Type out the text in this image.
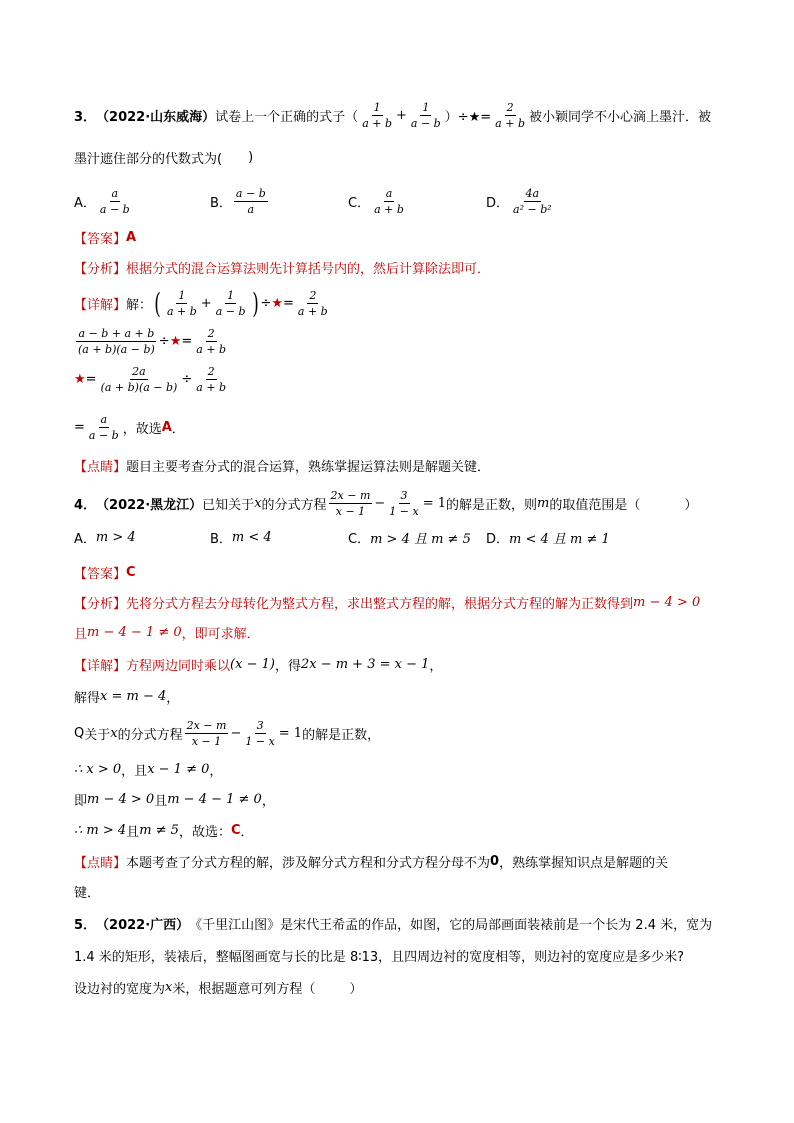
3． （2022·山东威海） 试卷上一个正确的式子（ $\frac{1}{a + b} + \frac{1}{a - b}$ ）÷★= $\frac{2}{a + b}$ 被小颖同学不小心滴上墨汁．被
墨汁遮住部分的代数式为( )
A． $\frac{a}{a - b}$	B． $\frac{a - b}{a}$	C． $\frac{a}{a + b}$	D． $\frac{4a}{\text{a² − b²}}$
【答案】 A
【分析】 根据分式的混合运算法则先计算括号内的，然后计算除法即可．
【详解】 解： ( $\frac{1}{a + b} + \frac{1}{a - b}$ ) ÷ ★ = $\frac{2}{a + b}$
$\frac{a - b + a + b}{(a + b)(a - b)}$ ÷ ★ = $\frac{2}{a + b}$
★ = $\frac{2a}{(a + b)(a - b)} \div \frac{2}{a + b}$
= $\frac{a}{a - b}$ ，故选 A ．
【点睛】 题目主要考查分式的混合运算，熟练掌握运算法则是解题关键．
4． （2022·黑龙江） 已知关于 x 的分式方程 $\frac{2x - m}{x - 1} - \frac{3}{1 - x} = 1$ 的解是正数，则 m 的取值范围是（	）
A． m > 4	B． m < 4	C． m > 4 且 m ≠ 5 D． m < 4 且 m ≠ 1
【答案】 C
【分析】 先将分式方程去分母转化为整式方程，求出整式方程的解，根据分式方程的解为正数得到 m − 4 > 0
且 m − 4 − 1 ≠ 0 ，即可求解．
【详解】 方程两边同时乘以 (x − 1) ，得 2x − m + 3 = x − 1 ，
解得 x = m − 4 ，
Q 关于 x 的分式方程 $\frac{2x - m}{x - 1} - \frac{3}{1 - x} = 1$ 的解是正数，
∴ x > 0 ，且 x − 1 ≠ 0 ，
即 m − 4 > 0 且 m − 4 − 1 ≠ 0 ，
∴ m > 4 且 m ≠ 5 ，故选： C ．
【点睛】 本题考查了分式方程的解，涉及解分式方程和分式方程分母不为 0 ，熟练掌握知识点是解题的关
键．
5． （2022·广西） 《千里江山图》是宋代王希孟的作品，如图，它的局部画面装裱前是一个长为 2.4 米，宽为
1.4 米的矩形，装裱后，整幅图画宽与长的比是 8∶13，且四周边衬的宽度相等，则边衬的宽度应是多少米?
设边衬的宽度为 x 米，根据题意可列方程（	）
